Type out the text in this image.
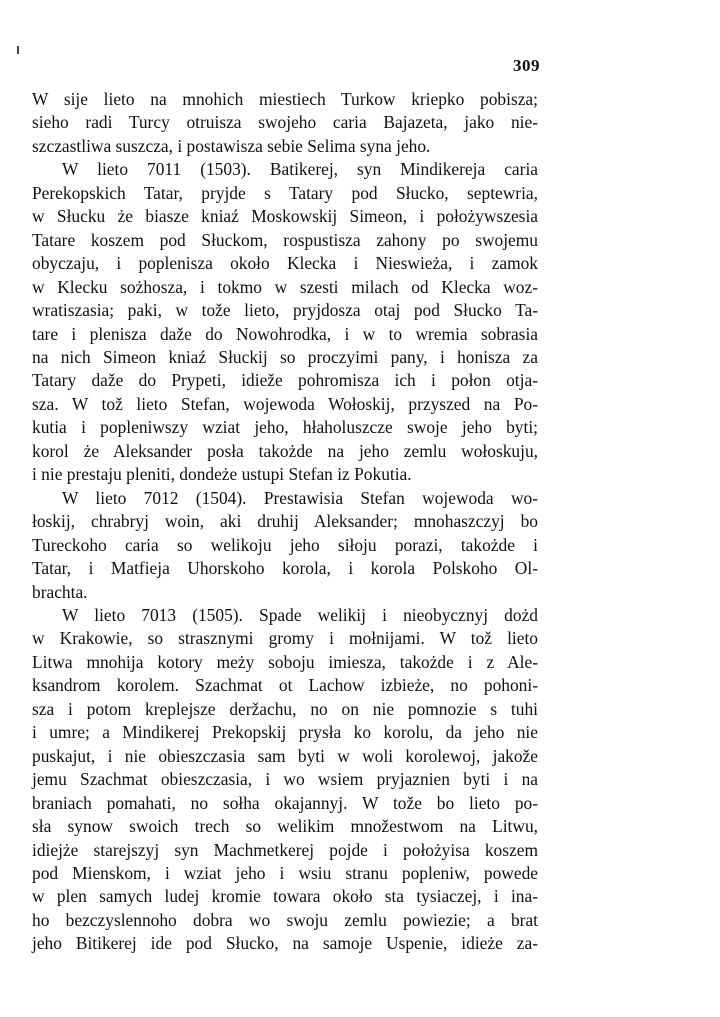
309
W sije lieto na mnohich miestiech Turkow kriepko pobisza;
sieho radi Turcy otruisza swojeho caria Bajazeta, jako nie-
szczastliwa suszcza, i postawisza sebie Selima syna jeho.
W lieto 7011 (1503). Batikerej, syn Mindikereja caria
Perekopskich Tatar, pryjde s Tatary pod Słucko, septewria,
w Słucku że biasze kniaź Moskowskij Simeon, i położywszesia
Tatare koszem pod Słuckom, rospustisza zahony po swojemu
obyczaju, i poplenisza około Klecka i Nieswieża, i zamok
w Klecku sożhosza, i tokmo w szesti milach od Klecka woz-
wratiszasia; paki, w tože lieto, pryjdosza otaj pod Słucko Ta-
tare i plenisza daže do Nowohrodka, i w to wremia sobrasia
na nich Simeon kniaź Słuckij so proczyimi pany, i honisza za
Tatary daže do Prypeti, idieže pohromisza ich i połon otja-
sza. W tož lieto Stefan, wojewoda Wołoskij, przyszed na Po-
kutia i popleniwszy wziat jeho, hłaholuszcze swoje jeho byti;
korol że Aleksander posła takożde na jeho zemlu wołoskuju,
i nie prestaju pleniti, dondeże ustupi Stefan iz Pokutia.
W lieto 7012 (1504). Prestawisia Stefan wojewoda wo-
łoskij, chrabryj woin, aki druhij Aleksander; mnohaszczyj bo
Tureckoho caria so welikoju jeho siłoju porazi, takożde i
Tatar, i Matfieja Uhorskoho korola, i korola Polskoho Ol-
brachta.
W lieto 7013 (1505). Spade welikij i nieobycznyj dożd
w Krakowie, so strasznymi gromy i mołnijami. W tož lieto
Litwa mnohija kotory meży soboju imiesza, takożde i z Ale-
ksandrom korolem. Szachmat ot Lachow izbieże, no pohoni-
sza i potom kreplejsze deržachu, no on nie pomnozie s tuhi
i umre; a Mindikerej Prekopskij prysła ko korolu, da jeho nie
puskajut, i nie obieszczasia sam byti w woli korolewoj, jakože
jemu Szachmat obieszczasia, i wo wsiem pryjaznien byti i na
braniach pomahati, no sołha okajannyj. W tože bo lieto po-
sła synow swoich trech so welikim množestwom na Litwu,
idiejże starejszyj syn Machmetkerej pojde i położyisa koszem
pod Mienskom, i wziat jeho i wsiu stranu popleniw, powede
w plen samych ludej kromie towara około sta tysiaczej, i ina-
ho bezczyslennoho dobra wo swoju zemlu powiezie; a brat
jeho Bitikerej ide pod Słucko, na samoje Uspenie, idieże za-
